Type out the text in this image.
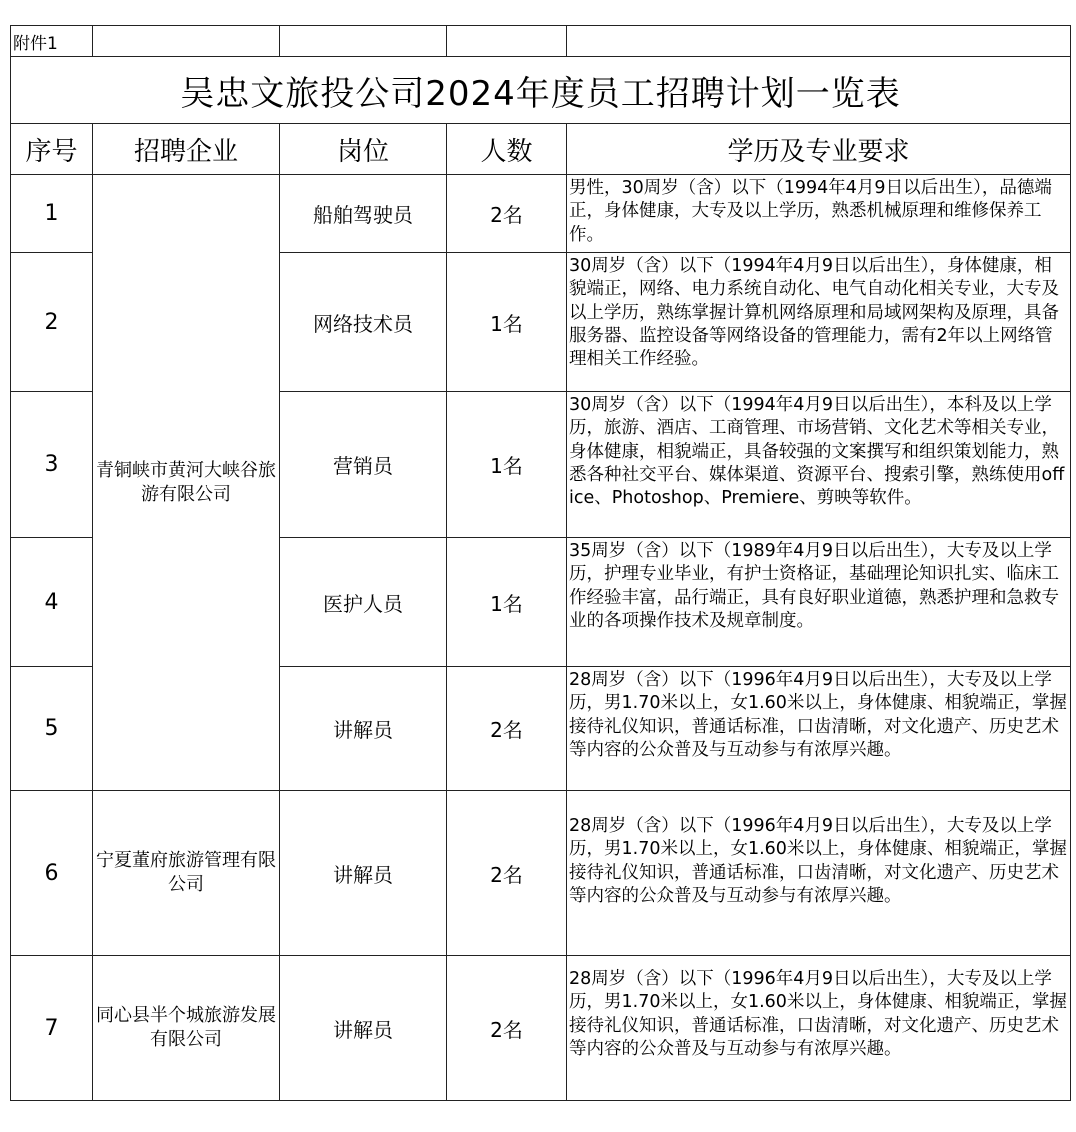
附件1				
吴忠文旅投公司2024年度员工招聘计划一览表				
序号	招聘企业	岗位	人数	学历及专业要求
1	青铜峡市黄河大峡谷旅游有限公司	船舶驾驶员	2名	男性，30周岁（含）以下（1994年4月9日以后出生），品德端正，身体健康，大专及以上学历，熟悉机械原理和维修保养工作。
2		网络技术员	1名	30周岁（含）以下（1994年4月9日以后出生），身体健康，相貌端正，网络、电力系统自动化、电气自动化相关专业，大专及以上学历，熟练掌握计算机网络原理和局域网架构及原理，具备服务器、监控设备等网络设备的管理能力，需有2年以上网络管理相关工作经验。
3		营销员	1名	30周岁（含）以下（1994年4月9日以后出生），本科及以上学历，旅游、酒店、工商管理、市场营销、文化艺术等相关专业，身体健康，相貌端正，具备较强的文案撰写和组织策划能力，熟悉各种社交平台、媒体渠道、资源平台、搜索引擎，熟练使用office、Photoshop、Premiere、剪映等软件。
4		医护人员	1名	35周岁（含）以下（1989年4月9日以后出生），大专及以上学历，护理专业毕业，有护士资格证，基础理论知识扎实、临床工作经验丰富，品行端正，具有良好职业道德，熟悉护理和急救专业的各项操作技术及规章制度。
5		讲解员	2名	28周岁（含）以下（1996年4月9日以后出生），大专及以上学历，男1.70米以上，女1.60米以上，身体健康、相貌端正，掌握接待礼仪知识，普通话标准，口齿清晰，对文化遗产、历史艺术等内容的公众普及与互动参与有浓厚兴趣。
6	宁夏董府旅游管理有限公司	讲解员	2名	28周岁（含）以下（1996年4月9日以后出生），大专及以上学历，男1.70米以上，女1.60米以上，身体健康、相貌端正，掌握接待礼仪知识，普通话标准，口齿清晰，对文化遗产、历史艺术等内容的公众普及与互动参与有浓厚兴趣。
7	同心县半个城旅游发展有限公司	讲解员	2名	28周岁（含）以下（1996年4月9日以后出生），大专及以上学历，男1.70米以上，女1.60米以上，身体健康、相貌端正，掌握接待礼仪知识，普通话标准，口齿清晰，对文化遗产、历史艺术等内容的公众普及与互动参与有浓厚兴趣。
